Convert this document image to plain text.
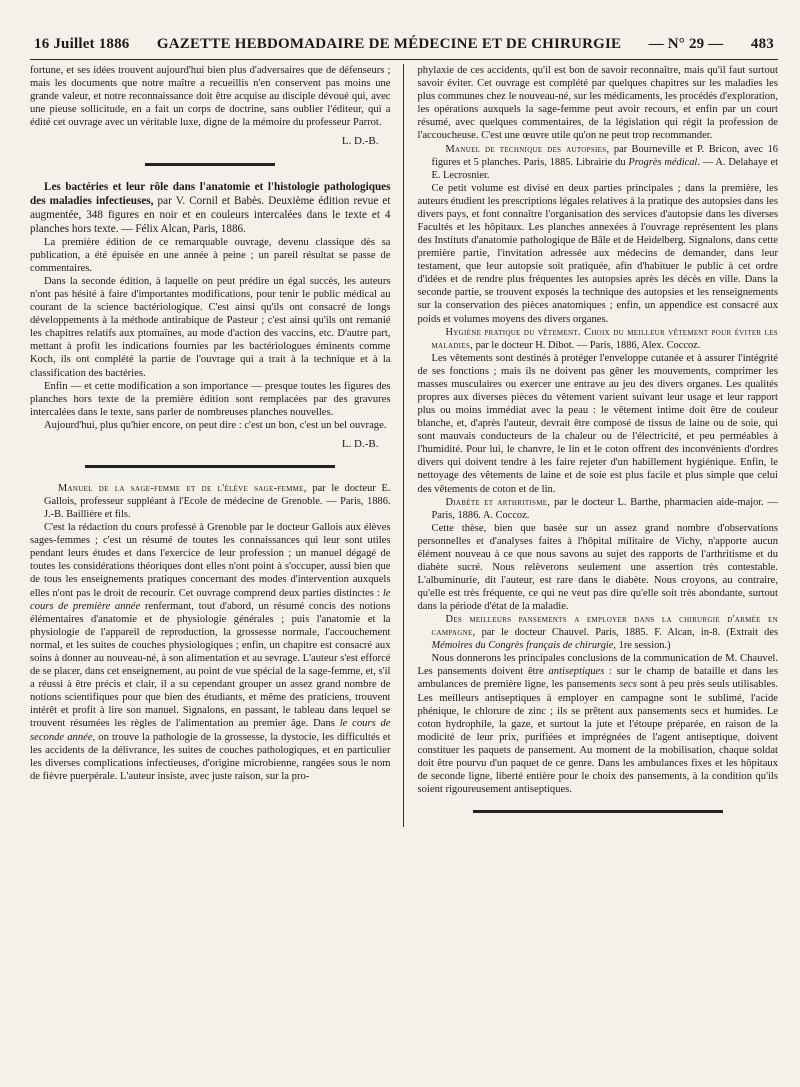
16 Juillet 1886 GAZETTE HEBDOMADAIRE DE MÉDECINE ET DE CHIRURGIE — N° 29 — 483

fortune, et ses idées trouvent aujourd'hui bien plus d'adversaires que de défenseurs ; mais les documents que notre maître a recueillis n'en conservent pas moins une grande valeur, et notre reconnaissance doit être acquise au disciple dévoué qui, avec une pieuse sollicitude, en a fait un corps de doctrine, sans oublier l'éditeur, qui a édité cet ouvrage avec un véritable luxe, digne de la mémoire du professeur Parrot.

L. D.-B.

Les bactéries et leur rôle dans l'anatomie et l'histologie pathologiques des maladies infectieuses, par V. Cornil et Babès. Deuxième édition revue et augmentée, 348 figures en noir et en couleurs intercalées dans le texte et 4 planches hors texte. — Félix Alcan, Paris, 1886.

La première édition de ce remarquable ouvrage, devenu classique dès sa publication, a été épuisée en une année à peine ; un pareil résultat se passe de commentaires.

Dans la seconde édition, à laquelle on peut prédire un égal succès, les auteurs n'ont pas hésité à faire d'importantes modifications, pour tenir le public médical au courant de la science bactériologique. C'est ainsi qu'ils ont consacré de longs développements à la méthode antirabique de Pasteur ; c'est ainsi qu'ils ont remanié les chapitres relatifs aux ptomaïnes, au mode d'action des vaccins, etc. D'autre part, mettant à profit les indications fournies par les bactériologues éminents comme Koch, ils ont complété la partie de l'ouvrage qui a trait à la technique et à la classification des bactéries.

Enfin — et cette modification a son importance — presque toutes les figures des planches hors texte de la première édition sont remplacées par des gravures intercalées dans le texte, sans parler de nombreuses planches nouvelles.

Aujourd'hui, plus qu'hier encore, on peut dire : c'est un bon, c'est un bel ouvrage.

L. D.-B.

Manuel de la sage-femme et de l'élève sage-femme, par le docteur E. Gallois, professeur suppléant à l'Ecole de médecine de Grenoble. — Paris, 1886. J.-B. Baillière et fils.

C'est la rédaction du cours professé à Grenoble par le docteur Gallois aux élèves sages-femmes ; c'est un résumé de toutes les connaissances qui leur sont utiles pendant leurs études et dans l'exercice de leur profession ; un manuel dégagé de toutes les considérations théoriques dont elles n'ont point à s'occuper, aussi bien que de tous les enseignements pratiques concernant des modes d'intervention auxquels elles n'ont pas le droit de recourir. Cet ouvrage comprend deux parties distinctes : le cours de première année renfermant, tout d'abord, un résumé concis des notions élémentaires d'anatomie et de physiologie générales ; puis l'anatomie et la physiologie de l'appareil de reproduction, la grossesse normale, l'accouchement normal, et les suites de couches physiologiques ; enfin, un chapitre est consacré aux soins à donner au nouveau-né, à son alimentation et au sevrage. L'auteur s'est efforcé de se placer, dans cet enseignement, au point de vue spécial de la sage-femme, et, s'il a réussi à être précis et clair, il a su cependant grouper un assez grand nombre de notions scientifiques pour que bien des étudiants, et même des praticiens, trouvent intérêt et profit à lire son manuel. Signalons, en passant, le tableau dans lequel se trouvent résumées les règles de l'alimentation au premier âge. Dans le cours de seconde année, on trouve la pathologie de la grossesse, la dystocie, les difficultés et les accidents de la délivrance, les suites de couches pathologiques, et en particulier les diverses complications infectieuses, d'origine microbienne, rangées sous le nom de fièvre puerpérale. L'auteur insiste, avec juste raison, sur la pro-

phylaxie de ces accidents, qu'il est bon de savoir reconnaître, mais qu'il faut surtout savoir éviter. Cet ouvrage est complété par quelques chapitres sur les maladies les plus communes chez le nouveau-né, sur les médicaments, les procédés d'exploration, les opérations auxquels la sage-femme peut avoir recours, et enfin par un court résumé, avec quelques commentaires, de la législation qui régit la profession de l'accoucheuse. C'est une œuvre utile qu'on ne peut trop recommander.

Manuel de technique des autopsies, par Bourneville et P. Bricon, avec 16 figures et 5 planches. Paris, 1885. Librairie du Progrès médical. — A. Delahaye et E. Lecrosnier.

Ce petit volume est divisé en deux parties principales ; dans la première, les auteurs étudient les prescriptions légales relatives à la pratique des autopsies dans les divers pays, et font connaître l'organisation des services d'autopsie dans les diverses Facultés et les hôpitaux. Les planches annexées à l'ouvrage représentent les plans des Instituts d'anatomie pathologique de Bâle et de Heidelberg. Signalons, dans cette première partie, l'invitation adressée aux médecins de demander, dans leur testament, que leur autopsie soit pratiquée, afin d'habituer le public à cet ordre d'idées et de rendre plus fréquentes les autopsies après les décès en ville. Dans la seconde partie, se trouvent exposés la technique des autopsies et les renseignements sur la conservation des pièces anatomiques ; enfin, un appendice est consacré aux poids et volumes moyens des divers organes.

Hygiène pratique du vêtement. Choix du meilleur vêtement pour éviter les maladies, par le docteur H. Dibot. — Paris, 1886, Alex. Coccoz.

Les vêtements sont destinés à protéger l'enveloppe cutanée et à assurer l'intégrité de ses fonctions ; mais ils ne doivent pas gêner les mouvements, comprimer les masses musculaires ou exercer une entrave au jeu des divers organes. Les qualités propres aux diverses pièces du vêtement varient suivant leur usage et leur rapport plus ou moins immédiat avec la peau : le vêtement intime doit être de couleur blanche, et, d'après l'auteur, devrait être composé de tissus de laine ou de soie, qui sont mauvais conducteurs de la chaleur ou de l'électricité, et peu perméables à l'humidité. Pour lui, le chanvre, le lin et le coton offrent des inconvénients d'ordres divers qui doivent tendre à les faire rejeter d'un habillement hygiénique. Enfin, le nettoyage des vêtements de laine et de soie est plus facile et plus simple que celui des vêtements de coton et de lin.

Diabète et arthritisme, par le docteur L. Barthe, pharmacien aide-major. — Paris, 1886. A. Coccoz.

Cette thèse, bien que basée sur un assez grand nombre d'observations personnelles et d'analyses faites à l'hôpital militaire de Vichy, n'apporte aucun élément nouveau à ce que nous savons au sujet des rapports de l'arthritisme et du diabète sucré. Nous relèverons seulement une assertion très contestable. L'albuminurie, dit l'auteur, est rare dans le diabète. Nous croyons, au contraire, qu'elle est très fréquente, ce qui ne veut pas dire qu'elle soit très abondante, surtout dans la période d'état de la maladie.

Des meilleurs pansements a employer dans la chirurgie d'armée en campagne, par le docteur Chauvel. Paris, 1885. F. Alcan, in-8. (Extrait des Mémoires du Congrès français de chirurgie, 1re session.)

Nous donnerons les principales conclusions de la communication de M. Chauvel. Les pansements doivent être antiseptiques : sur le champ de bataille et dans les ambulances de première ligne, les pansements secs sont à peu près seuls utilisables. Les meilleurs antiseptiques à employer en campagne sont le sublimé, l'acide phénique, le chlorure de zinc ; ils se prêtent aux pansements secs et humides. Le coton hydrophile, la gaze, et surtout la jute et l'étoupe préparée, en raison de la modicité de leur prix, purifiées et imprégnées de l'agent antiseptique, doivent constituer les paquets de pansement. Au moment de la mobilisation, chaque soldat doit être pourvu d'un paquet de ce genre. Dans les ambulances fixes et les hôpitaux de seconde ligne, liberté entière pour le choix des pansements, à la condition qu'ils soient rigoureusement antiseptiques.
